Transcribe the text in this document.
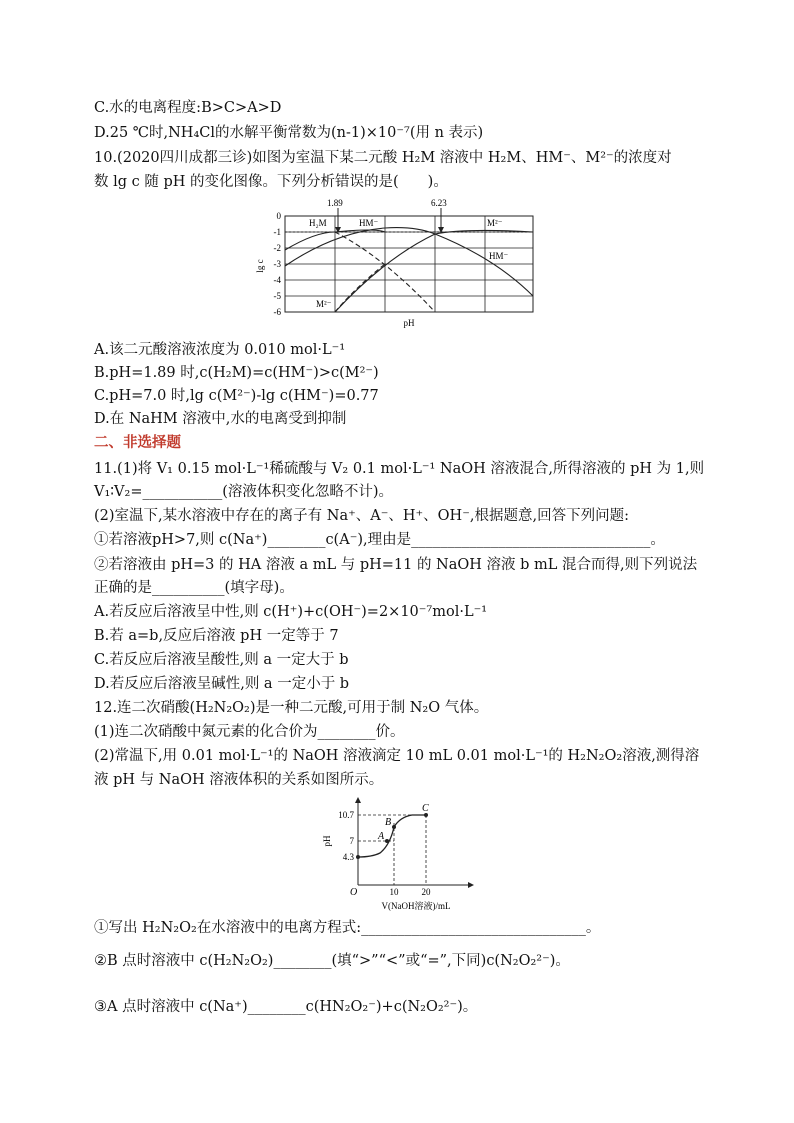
C.水的电离程度:B>C>A>D
D.25 ℃时,NH₄Cl的水解平衡常数为(n-1)×10⁻⁷(用 n 表示)
10.(2020四川成都三诊)如图为室温下某二元酸 H₂M 溶液中 H₂M、HM⁻、M²⁻的浓度对
数 lg c 随 pH 的变化图像。下列分析错误的是(　　)。
1.89	6.23
0
-1
-2
-3
-4
-5
-6
lg c
pH
H₂M	HM⁻
M²⁻
HM⁻
M²⁻
A.该二元酸溶液浓度为 0.010 mol·L⁻¹
B.pH=1.89 时,c(H₂M)=c(HM⁻)>c(M²⁻)
C.pH=7.0 时,lg c(M²⁻)-lg c(HM⁻)=0.77
D.在 NaHM 溶液中,水的电离受到抑制
二、非选择题
11.(1)将 V₁ 0.15 mol·L⁻¹稀硫酸与 V₂ 0.1 mol·L⁻¹ NaOH 溶液混合,所得溶液的 pH 为 1,则
V₁∶V₂=___________(溶液体积变化忽略不计)。
(2)室温下,某水溶液中存在的离子有 Na⁺、A⁻、H⁺、OH⁻,根据题意,回答下列问题:
①若溶液pH>7,则 c(Na⁺)________c(A⁻),理由是_________________________________。
②若溶液由 pH=3 的 HA 溶液 a mL 与 pH=11 的 NaOH 溶液 b mL 混合而得,则下列说法
正确的是__________(填字母)。
A.若反应后溶液呈中性,则 c(H⁺)+c(OH⁻)=2×10⁻⁷mol·L⁻¹
B.若 a=b,反应后溶液 pH 一定等于 7
C.若反应后溶液呈酸性,则 a 一定大于 b
D.若反应后溶液呈碱性,则 a 一定小于 b
12.连二次硝酸(H₂N₂O₂)是一种二元酸,可用于制 N₂O 气体。
(1)连二次硝酸中氮元素的化合价为________价。
(2)常温下,用 0.01 mol·L⁻¹的 NaOH 溶液滴定 10 mL 0.01 mol·L⁻¹的 H₂N₂O₂溶液,测得溶
液 pH 与 NaOH 溶液体积的关系如图所示。
C
B
A
10.7
7
4.3
pH
O	10	20
V(NaOH溶液)/mL
①写出 H₂N₂O₂在水溶液中的电离方程式:_______________________________。
②B 点时溶液中 c(H₂N₂O₂)________(填“>”“<”或“=”,下同)c(N₂O₂²⁻)。
③A 点时溶液中 c(Na⁺)________c(HN₂O₂⁻)+c(N₂O₂²⁻)。
